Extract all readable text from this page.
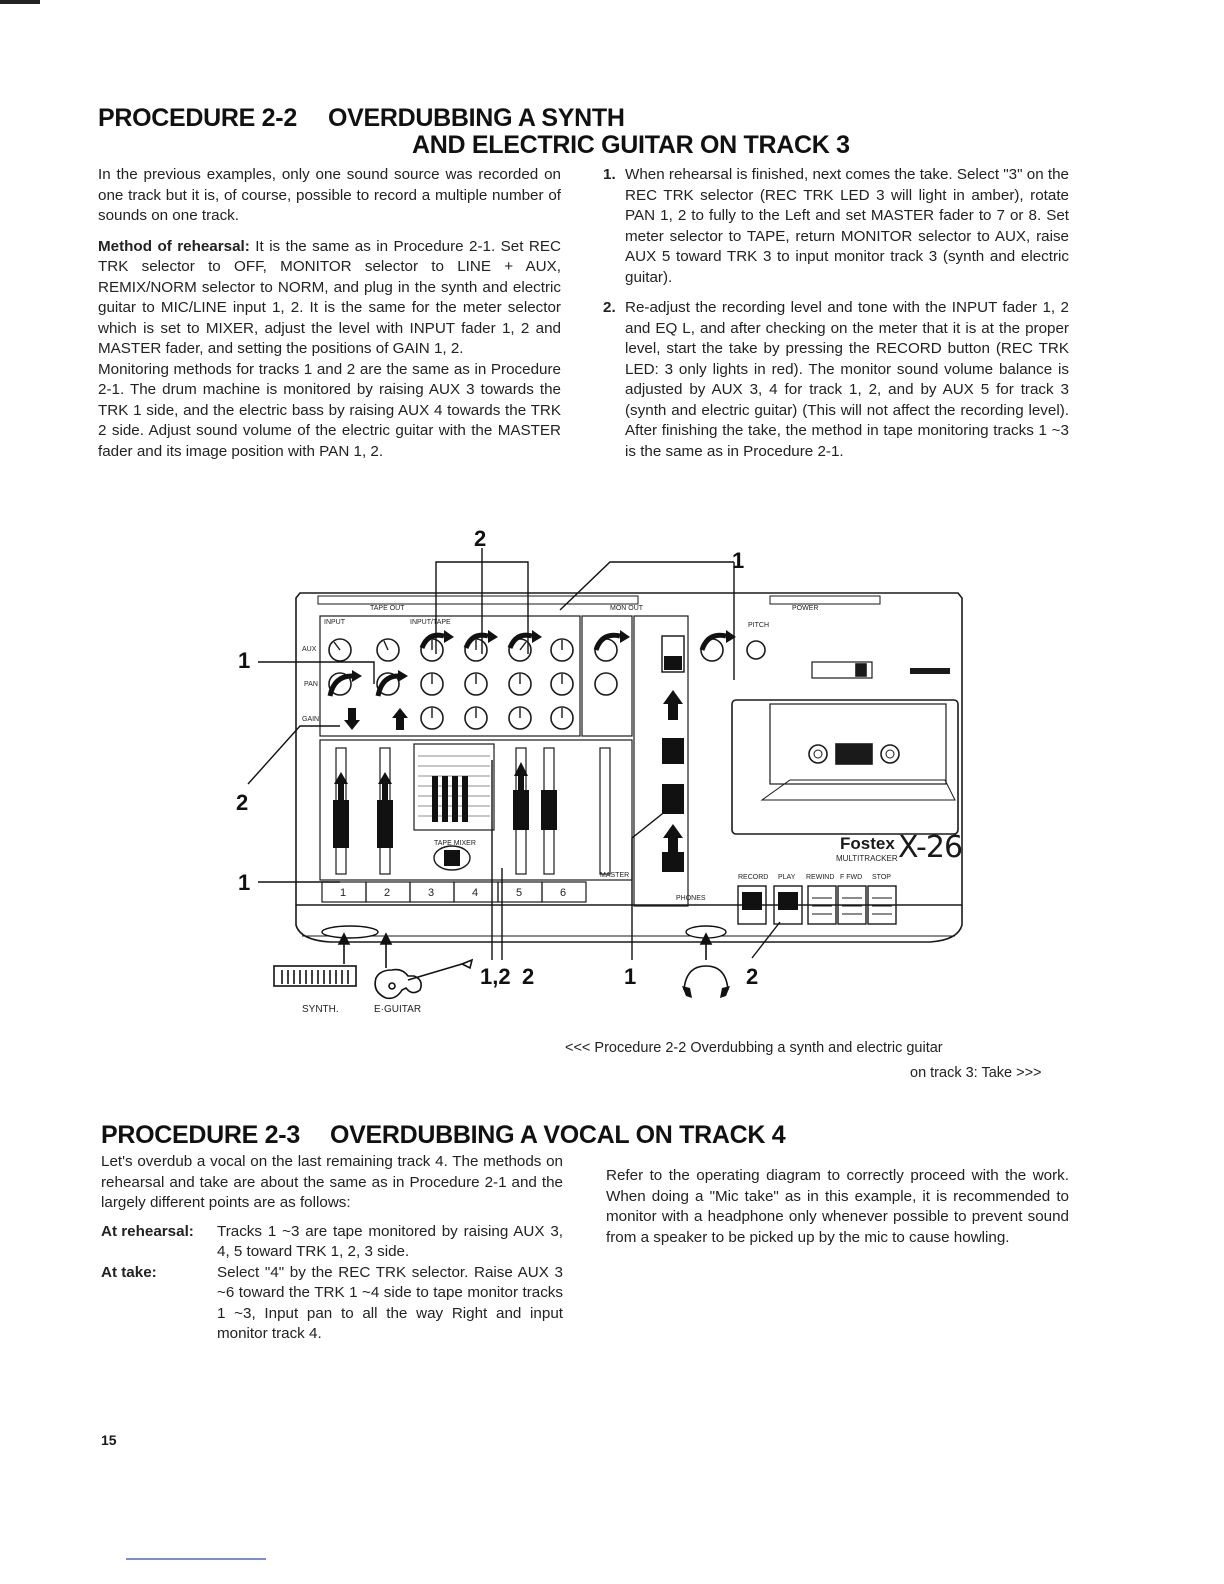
PROCEDURE 2-2 OVERDUBBING A SYNTH
AND ELECTRIC GUITAR ON TRACK 3

In the previous examples, only one sound source was recorded on one track but it is, of course, possible to record a multiple number of sounds on one track.

Method of rehearsal: It is the same as in Procedure 2-1. Set REC TRK selector to OFF, MONITOR selector to LINE + AUX, REMIX/NORM selector to NORM, and plug in the synth and electric guitar to MIC/LINE input 1, 2. It is the same for the meter selector which is set to MIXER, adjust the level with INPUT fader 1, 2 and MASTER fader, and setting the positions of GAIN 1, 2.

Monitoring methods for tracks 1 and 2 are the same as in Procedure 2-1. The drum machine is monitored by raising AUX 3 towards the TRK 1 side, and the electric bass by raising AUX 4 towards the TRK 2 side. Adjust sound volume of the electric guitar with the MASTER fader and its image position with PAN 1, 2.

1. When rehearsal is finished, next comes the take. Select "3" on the REC TRK selector (REC TRK LED 3 will light in amber), rotate PAN 1, 2 to fully to the Left and set MASTER fader to 7 or 8. Set meter selector to TAPE, return MONITOR selector to AUX, raise AUX 5 toward TRK 3 to input monitor track 3 (synth and electric guitar).
2. Re-adjust the recording level and tone with the INPUT fader 1, 2 and EQ L, and after checking on the meter that it is at the proper level, start the take by pressing the RECORD button (REC TRK LED: 3 only lights in red). The monitor sound volume balance is adjusted by AUX 3, 4 for track 1, 2, and by AUX 5 for track 3 (synth and electric guitar) (This will not affect the recording level). After finishing the take, the method in tape monitoring tracks 1 ~3 is the same as in Procedure 2-1.
INPUT	INPUT/TAPE
AUX
PAN
GAIN
TAPE OUT	MON OUT
MASTER
PHONES
POWER
PITCH
RECORD PLAY REWIND F FWD STOP
TAPE MIXER
1	2	3	4	5	6
Fostex X-26
MULTITRACKER
2
1
1
2
1
1,2 2	1	2
SYNTH.	E·GUITAR
<<< Procedure 2-2 Overdubbing a synth and electric guitar
on track 3: Take >>>
PROCEDURE 2-3 OVERDUBBING A VOCAL ON TRACK 4

Let's overdub a vocal on the last remaining track 4. The methods on rehearsal and take are about the same as in Procedure 2-1 and the largely different points are as follows:

At rehearsal:	Tracks 1 ~3 are tape monitored by raising AUX 3, 4, 5 toward TRK 1, 2, 3 side.
At take:	Select "4" by the REC TRK selector. Raise AUX 3 ~6 toward the TRK 1 ~4 side to tape monitor tracks 1 ~3, Input pan to all the way Right and input monitor track 4.
Refer to the operating diagram to correctly proceed with the work. When doing a "Mic take" as in this example, it is recommended to monitor with a headphone only whenever possible to prevent sound from a speaker to be picked up by the mic to cause howling.
15
